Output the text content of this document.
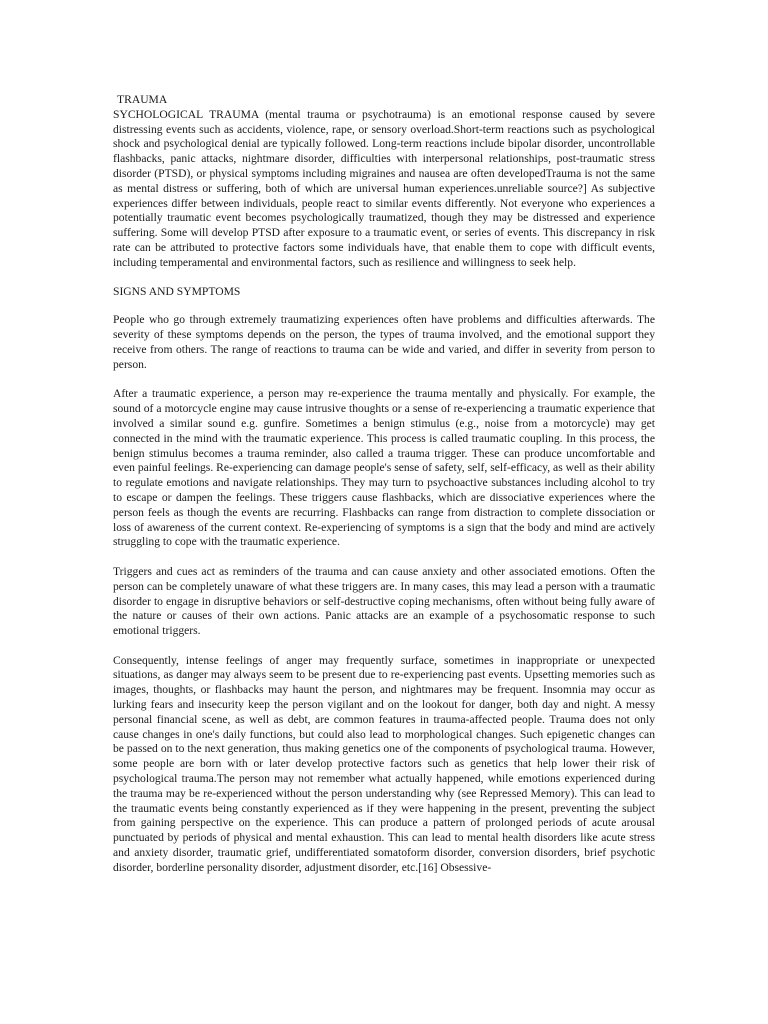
TRAUMA

SYCHOLOGICAL TRAUMA (mental trauma or psychotrauma) is an emotional response caused by severe distressing events such as accidents, violence, rape, or sensory overload.Short-term reactions such as psychological shock and psychological denial are typically followed. Long-term reactions include bipolar disorder, uncontrollable flashbacks, panic attacks, nightmare disorder, difficulties with interpersonal relationships, post-traumatic stress disorder (PTSD), or physical symptoms including migraines and nausea are often developedTrauma is not the same as mental distress or suffering, both of which are universal human experiences.unreliable source?] As subjective experiences differ between individuals, people react to similar events differently. Not everyone who experiences a potentially traumatic event becomes psychologically traumatized, though they may be distressed and experience suffering. Some will develop PTSD after exposure to a traumatic event, or series of events. This discrepancy in risk rate can be attributed to protective factors some individuals have, that enable them to cope with difficult events, including temperamental and environmental factors, such as resilience and willingness to seek help.

SIGNS AND SYMPTOMS

People who go through extremely traumatizing experiences often have problems and difficulties afterwards. The severity of these symptoms depends on the person, the types of trauma involved, and the emotional support they receive from others. The range of reactions to trauma can be wide and varied, and differ in severity from person to person.

After a traumatic experience, a person may re-experience the trauma mentally and physically. For example, the sound of a motorcycle engine may cause intrusive thoughts or a sense of re-experiencing a traumatic experience that involved a similar sound e.g. gunfire. Sometimes a benign stimulus (e.g., noise from a motorcycle) may get connected in the mind with the traumatic experience. This process is called traumatic coupling. In this process, the benign stimulus becomes a trauma reminder, also called a trauma trigger. These can produce uncomfortable and even painful feelings. Re-experiencing can damage people's sense of safety, self, self-efficacy, as well as their ability to regulate emotions and navigate relationships. They may turn to psychoactive substances including alcohol to try to escape or dampen the feelings. These triggers cause flashbacks, which are dissociative experiences where the person feels as though the events are recurring. Flashbacks can range from distraction to complete dissociation or loss of awareness of the current context. Re-experiencing of symptoms is a sign that the body and mind are actively struggling to cope with the traumatic experience.

Triggers and cues act as reminders of the trauma and can cause anxiety and other associated emotions. Often the person can be completely unaware of what these triggers are. In many cases, this may lead a person with a traumatic disorder to engage in disruptive behaviors or self-destructive coping mechanisms, often without being fully aware of the nature or causes of their own actions. Panic attacks are an example of a psychosomatic response to such emotional triggers.

Consequently, intense feelings of anger may frequently surface, sometimes in inappropriate or unexpected situations, as danger may always seem to be present due to re-experiencing past events. Upsetting memories such as images, thoughts, or flashbacks may haunt the person, and nightmares may be frequent. Insomnia may occur as lurking fears and insecurity keep the person vigilant and on the lookout for danger, both day and night. A messy personal financial scene, as well as debt, are common features in trauma-affected people. Trauma does not only cause changes in one's daily functions, but could also lead to morphological changes. Such epigenetic changes can be passed on to the next generation, thus making genetics one of the components of psychological trauma. However, some people are born with or later develop protective factors such as genetics that help lower their risk of psychological trauma.The person may not remember what actually happened, while emotions experienced during the trauma may be re-experienced without the person understanding why (see Repressed Memory). This can lead to the traumatic events being constantly experienced as if they were happening in the present, preventing the subject from gaining perspective on the experience. This can produce a pattern of prolonged periods of acute arousal punctuated by periods of physical and mental exhaustion. This can lead to mental health disorders like acute stress and anxiety disorder, traumatic grief, undifferentiated somatoform disorder, conversion disorders, brief psychotic disorder, borderline personality disorder, adjustment disorder, etc.[16] Obsessive-
